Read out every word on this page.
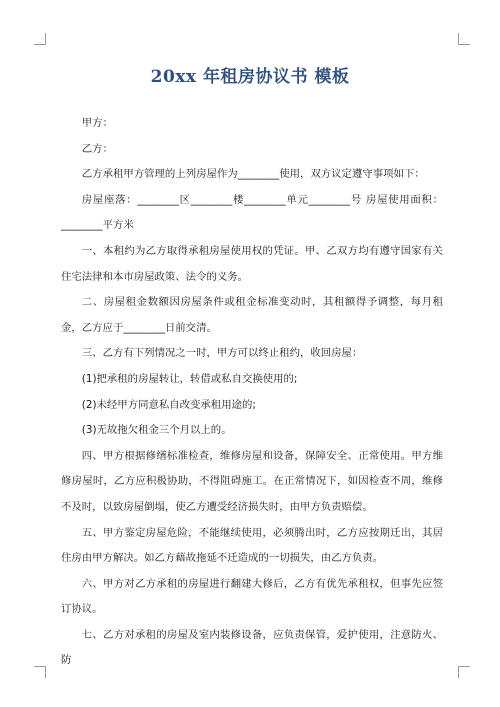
20xx 年租房协议书 模板

甲方：

乙方：

乙方承租甲方管理的上列房屋作为________使用，双方议定遵守事项如下：

房屋座落：________区________楼________单元________号 房屋使用面积：________平方米

一、本租约为乙方取得承租房屋使用权的凭证。甲、乙双方均有遵守国家有关住宅法律和本市房屋政策、法令的义务。

二、房屋租金数额因房屋条件或租金标准变动时，其租额得予调整，每月租金，乙方应于________日前交清。

三、乙方有下列情况之一时，甲方可以终止租约，收回房屋：

(1)把承租的房屋转让，转借或私自交换使用的;

(2)未经甲方同意私自改变承租用途的;

(3)无故拖欠租金三个月以上的。

四、甲方根据修缮标准检查，维修房屋和设备，保障安全、正常使用。甲方维修房屋时，乙方应积极协助，不得阻碍施工。在正常情况下，如因检查不周，维修不及时，以致房屋倒塌，使乙方遭受经济损失时，由甲方负责赔偿。

五、甲方鉴定房屋危险，不能继续使用，必须腾出时，乙方应按期迁出，其居住房由甲方解决。如乙方藉故拖延不迁造成的一切损失，由乙方负责。

六、甲方对乙方承租的房屋进行翻建大修后，乙方有优先承租权，但事先应签订协议。

七、乙方对承租的房屋及室内装修设备，应负责保管，爱护使用，注意防火、防
